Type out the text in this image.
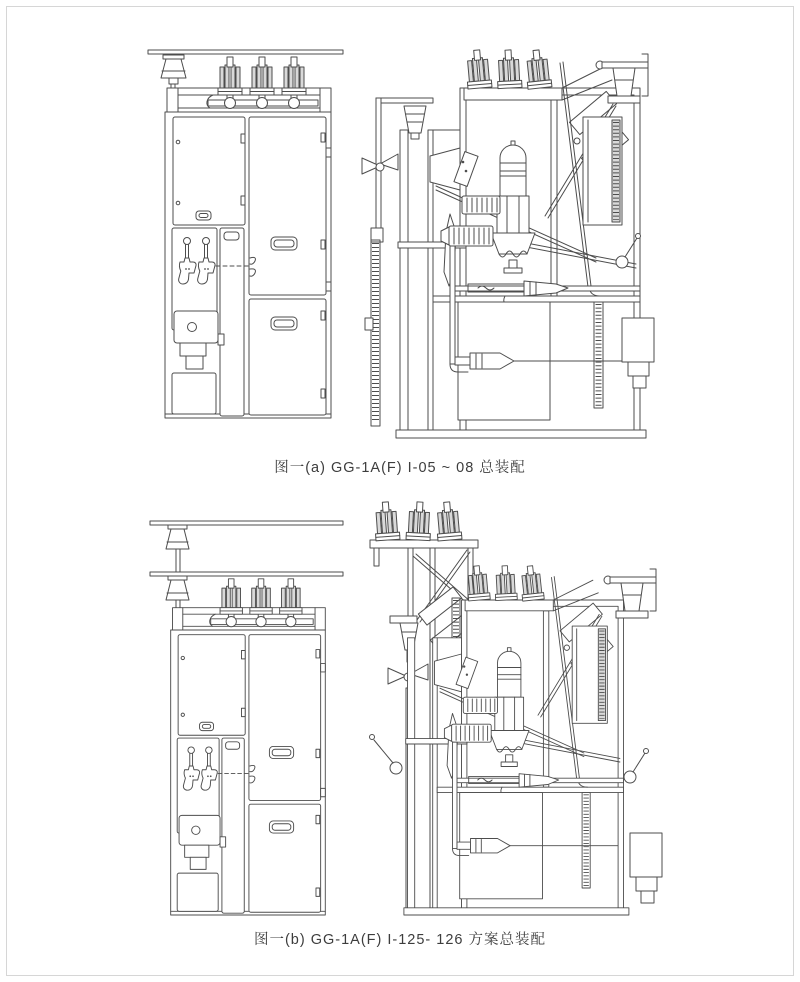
图一(a) GG-1A(F) I-05 ~ 08 总装配
图一(b) GG-1A(F) I-125- 126 方案总装配
